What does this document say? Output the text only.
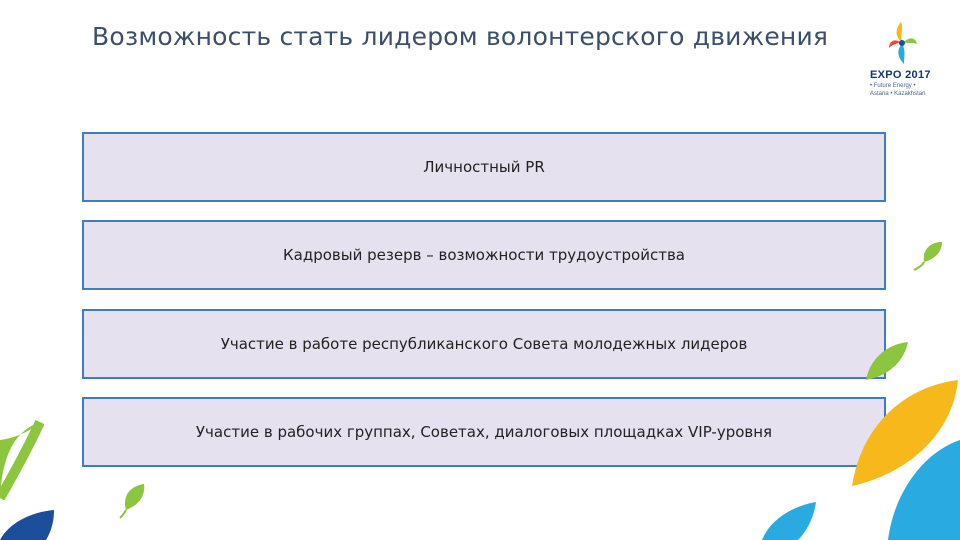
Возможность стать лидером волонтерского движения
EXPO 2017
• Future Energy •
Astana • Kazakhstan
Личностный PR
Кадровый резерв – возможности трудоустройства
Участие в работе республиканского Совета молодежных лидеров
Участие в рабочих группах, Советах, диалоговых площадках VIP-уровня
